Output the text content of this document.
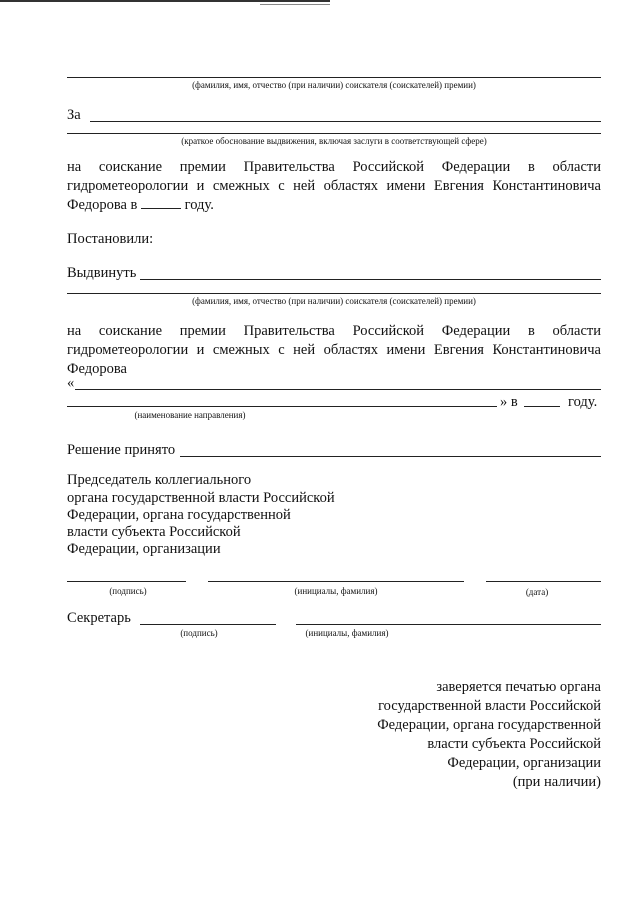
(фамилия, имя, отчество (при наличии) соискателя (соискателей) премии)
За
(краткое обоснование выдвижения, включая заслуги в соответствующей сфере)
на соискание премии Правительства Российской Федерации в области
гидрометеорологии и смежных с ней областях имени Евгения Константиновича
Федорова в	году.
Постановили:
Выдвинуть
(фамилия, имя, отчество (при наличии) соискателя (соискателей) премии)
на соискание премии Правительства Российской Федерации в области
гидрометеорологии и смежных с ней областях имени Евгения Константиновича
Федорова
«
» в	году.
(наименование направления)
Решение принято
Председатель коллегиального
органа государственной власти Российской
Федерации, органа государственной
власти субъекта Российской
Федерации, организации
(подпись)	(инициалы, фамилия)	(дата)
Секретарь
(подпись)	(инициалы, фамилия)
заверяется печатью органа
государственной власти Российской
Федерации, органа государственной
власти субъекта Российской
Федерации, организации
(при наличии)
